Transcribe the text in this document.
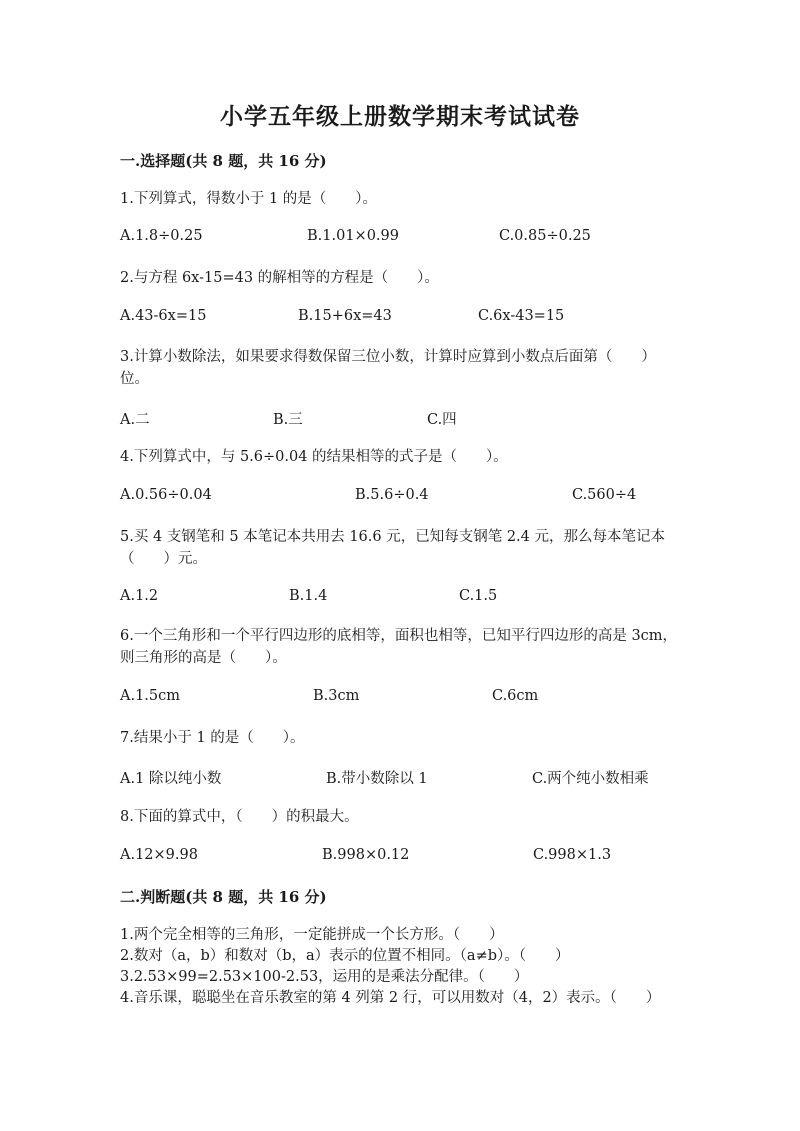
小学五年级上册数学期末考试试卷
一.选择题(共 8 题，共 16 分)
1.下列算式，得数小于 1 的是（　　）。
A.1.8÷0.25	B.1.01×0.99	C.0.85÷0.25
2.与方程 6x-15=43 的解相等的方程是（　　）。
A.43-6x=15	B.15+6x=43	C.6x-43=15
3.计算小数除法，如果要求得数保留三位小数，计算时应算到小数点后面第（　　）位。
A.二	B.三	C.四
4.下列算式中，与 5.6÷0.04 的结果相等的式子是（　　）。
A.0.56÷0.04	B.5.6÷0.4	C.560÷4
5.买 4 支钢笔和 5 本笔记本共用去 16.6 元，已知每支钢笔 2.4 元，那么每本笔记本（　　）元。
A.1.2	B.1.4	C.1.5
6.一个三角形和一个平行四边形的底相等，面积也相等，已知平行四边形的高是 3cm，则三角形的高是（　　）。
A.1.5cm	B.3cm	C.6cm
7.结果小于 1 的是（　　）。
A.1 除以纯小数	B.带小数除以 1	C.两个纯小数相乘
8.下面的算式中，（　　）的积最大。
A.12×9.98	B.998×0.12	C.998×1.3
二.判断题(共 8 题，共 16 分)
1.两个完全相等的三角形，一定能拼成一个长方形。（　　）
2.数对（a，b）和数对（b，a）表示的位置不相同。（a≠b）。（　　）
3.2.53×99=2.53×100-2.53，运用的是乘法分配律。（　　）
4.音乐课，聪聪坐在音乐教室的第 4 列第 2 行，可以用数对（4，2）表示。（　　）
